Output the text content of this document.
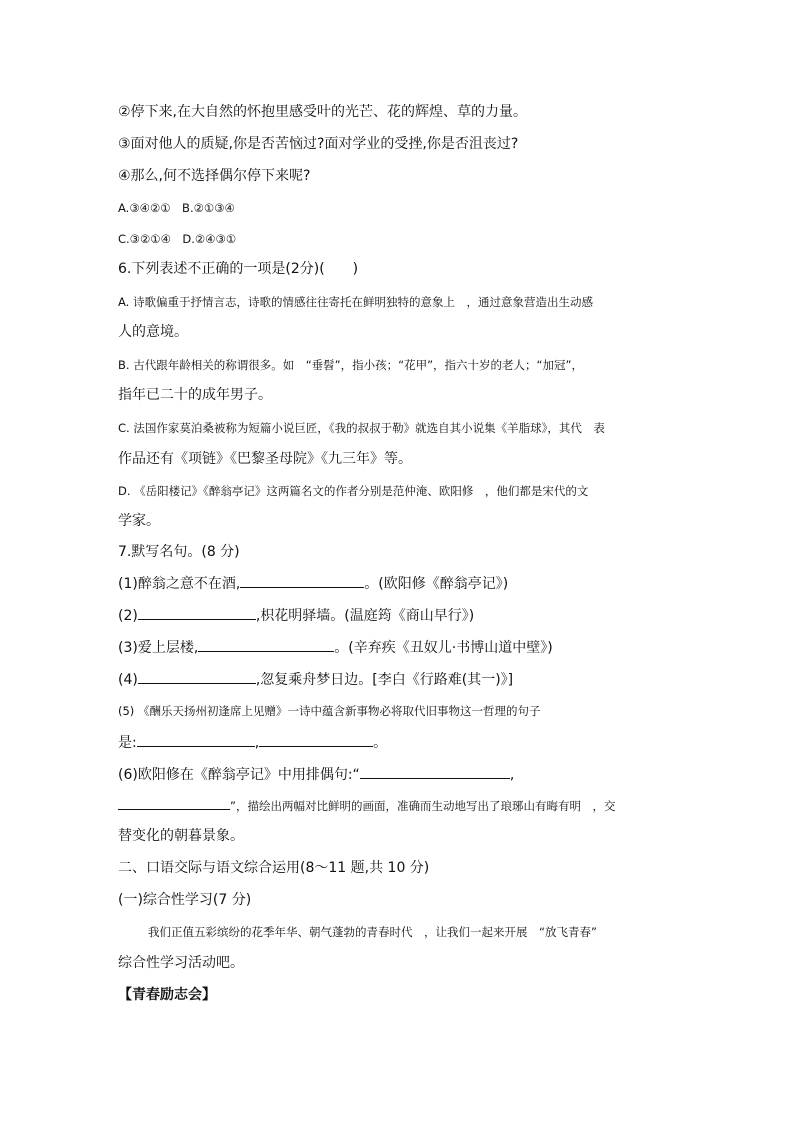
②停下来,在大自然的怀抱里感受叶的光芒、花的辉煌、草的力量。
③面对他人的质疑,你是否苦恼过?面对学业的受挫,你是否沮丧过?
④那么,何不选择偶尔停下来呢?
A.③④②①　B.②①③④
C.③②①④　D.②④③①
6.下列表述不正确的一项是(2分)(　　)
A. 诗歌偏重于抒情言志，诗歌的情感往往寄托在鲜明独特的意象上　，通过意象营造出生动感
人的意境。
B. 古代跟年龄相关的称谓很多。如　“垂髫”，指小孩；“花甲”，指六十岁的老人；“加冠”，
指年已二十的成年男子。
C. 法国作家莫泊桑被称为短篇小说巨匠，《我的叔叔于勒》就选自其小说集《羊脂球》，其代　表
作品还有《项链》《巴黎圣母院》《九三年》等。
D. 《岳阳楼记》《醉翁亭记》这两篇名文的作者分别是范仲淹、欧阳修　，他们都是宋代的文
学家。
7.默写名句。(8 分)
(1)醉翁之意不在酒,	。(欧阳修《醉翁亭记》)
(2)	,枳花明驿墙。(温庭筠《商山早行》)
(3)爱上层楼,	。(辛弃疾《丑奴儿·书博山道中壁》)
(4)	,忽复乘舟梦日边。[李白《行路难(其一)》]
(5) 《酬乐天扬州初逢席上见赠》一诗中蕴含新事物必将取代旧事物这一哲理的句子
是:	,	。
(6)欧阳修在《醉翁亭记》中用排偶句:“	,
”，描绘出两幅对比鲜明的画面，准确而生动地写出了琅琊山有晦有明　，交
替变化的朝暮景象。
二、口语交际与语文综合运用(8～11 题,共 10 分)
(一)综合性学习(7 分)
我们正值五彩缤纷的花季年华、朝气蓬勃的青春时代　，让我们一起来开展　“放飞青春”
综合性学习活动吧。
【青春励志会】
